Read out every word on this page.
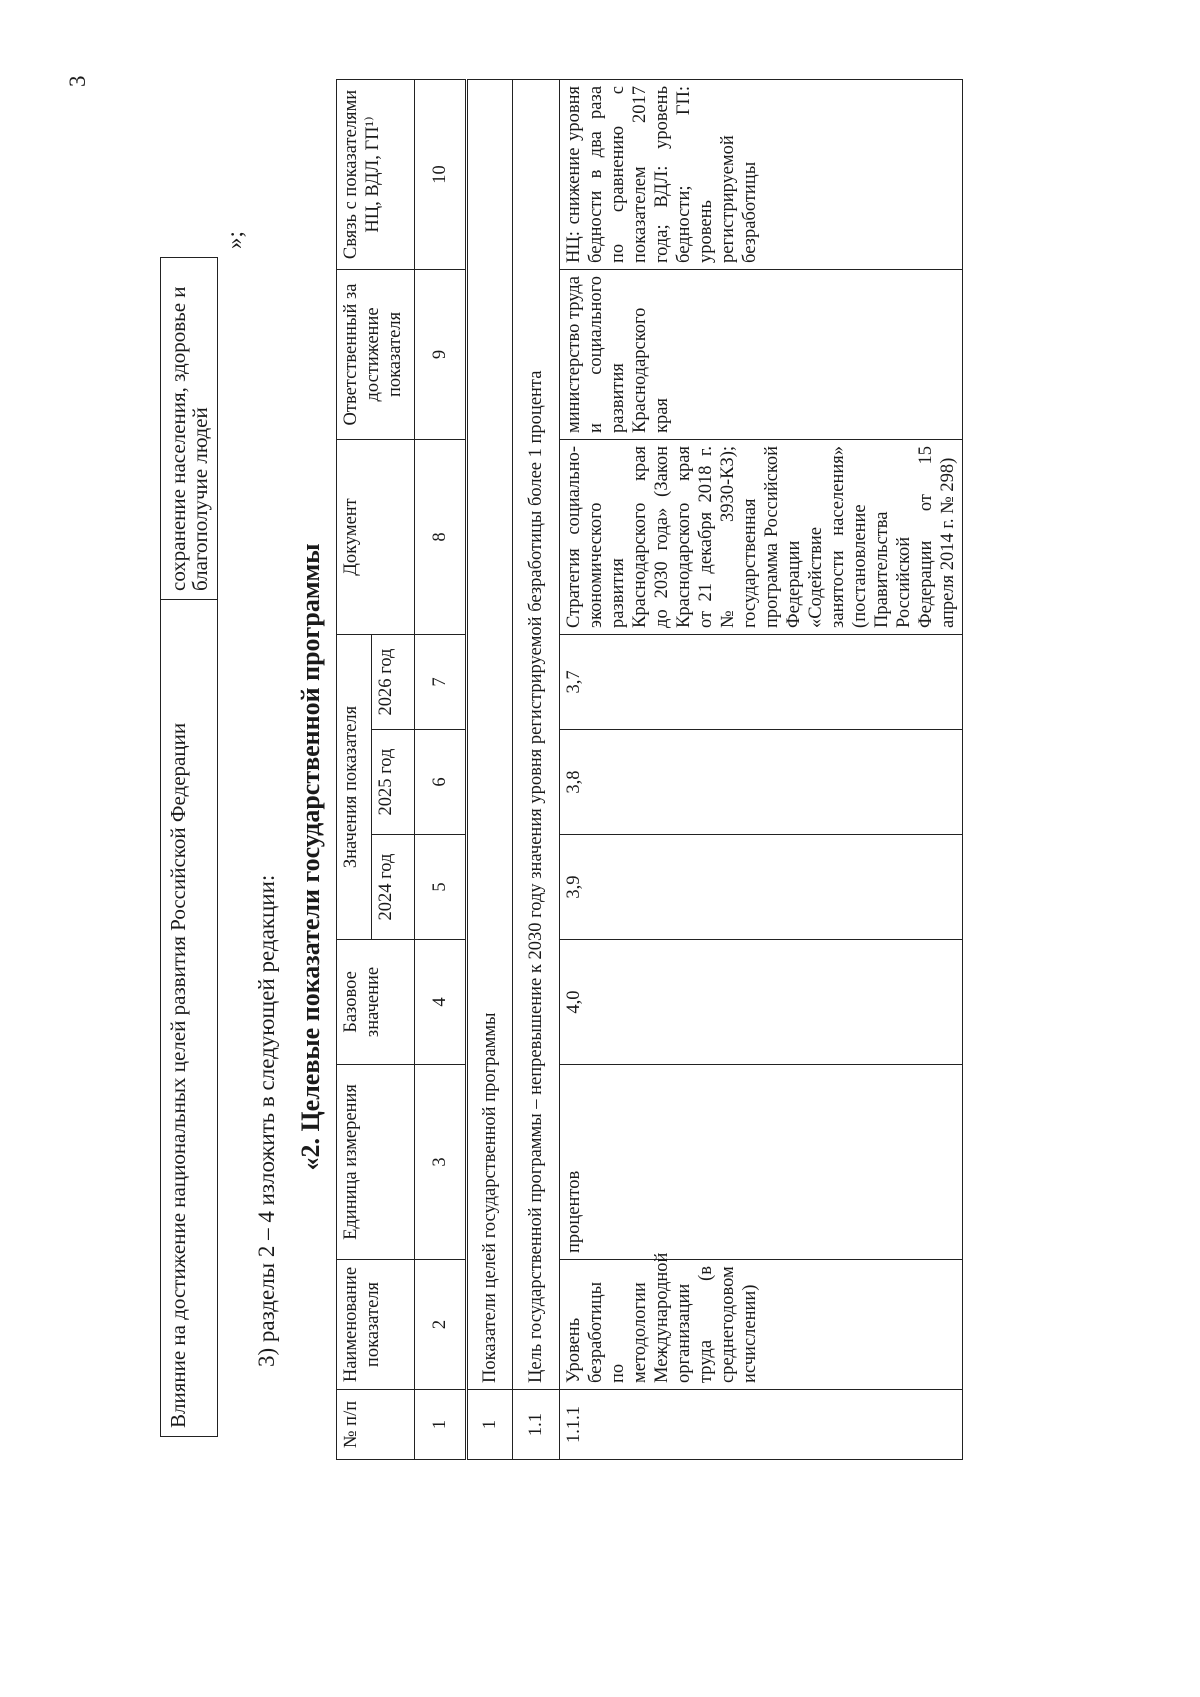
3
Влияние на достижение национальных целей развития Российской Федерации	сохранение населения, здоровье и благополучие людей
»;
3) разделы 2 – 4 изложить в следующей редакции: «2. Целевые показатели государственной программы
№ п/п	Наименование показателя	Единица измерения	Базовое значение	Значения показателя			Документ	Ответственный за достижение показателя	Связь с показателями НЦ, ВДЛ, ГП¹⁾
				2024 год	2025 год	2026 год			
1	2	3	4	5	6	7	8	9	10
1	Показатели целей государственной программы								
1.1	Цель государственной программы – непревышение к 2030 году значения уровня регистрируемой безработицы более 1 процента								
1.1.1	Уровень безработицы по методологии Международной организации труда (в среднегодовом исчислении)	процентов	4,0	3,9	3,8	3,7	Стратегия социально-экономического развития Краснодарского края до 2030 года» (Закон Краснодарского края от 21 декабря 2018 г. № 3930-КЗ); государственная программа Российской Федерации «Содействие занятости населения» (постановление Правительства Российской Федерации от 15 апреля 2014 г. № 298)	министерство труда и социального развития Краснодарского края	НЦ: снижение уровня бедности в два раза по сравнению с показателем 2017 года; ВДЛ: уровень бедности; ГП: уровень регистрируемой безработицы
